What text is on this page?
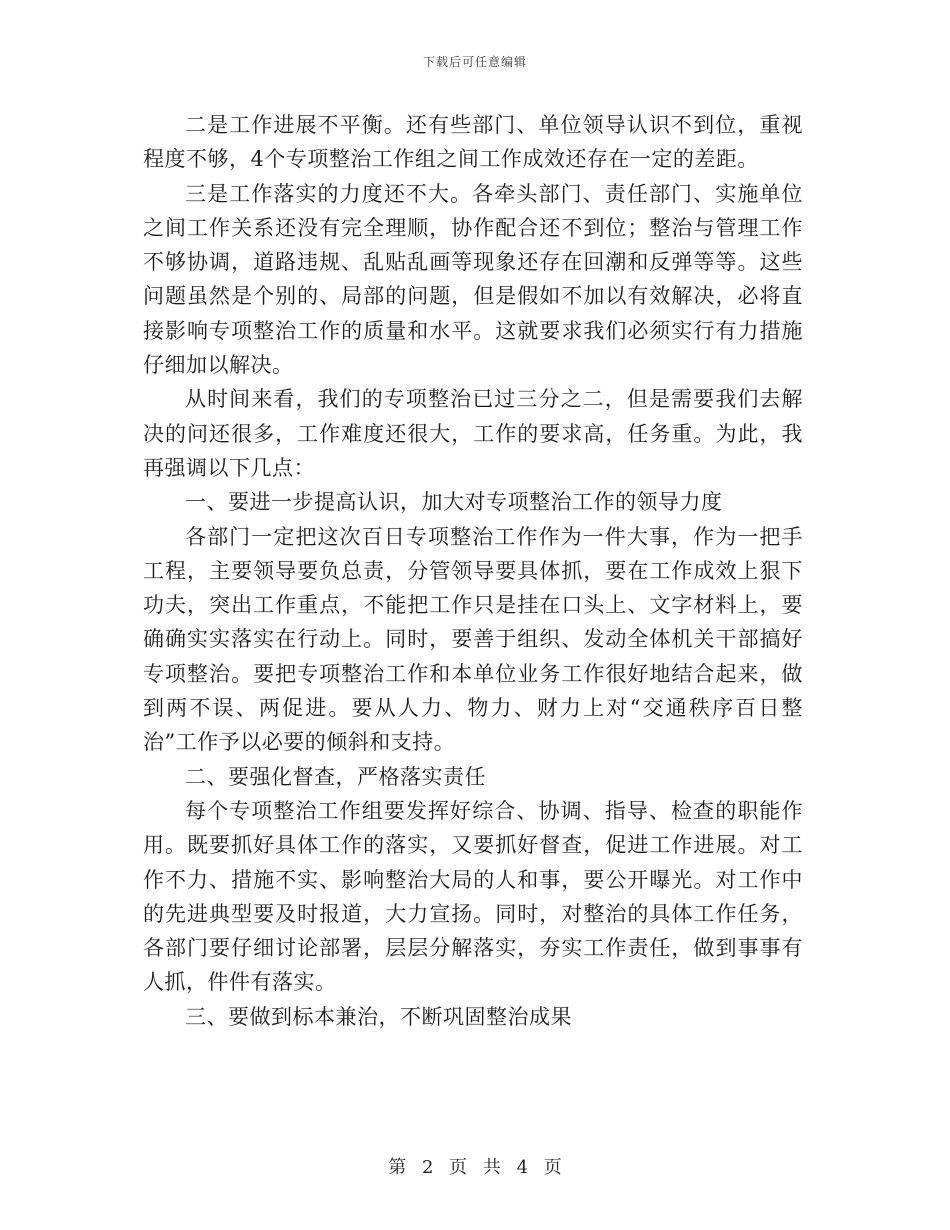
下载后可任意编辑

二是工作进展不平衡。还有些部门、单位领导认识不到位，重视程度不够，4个专项整治工作组之间工作成效还存在一定的差距。

三是工作落实的力度还不大。各牵头部门、责任部门、实施单位之间工作关系还没有完全理顺，协作配合还不到位；整治与管理工作不够协调，道路违规、乱贴乱画等现象还存在回潮和反弹等等。这些问题虽然是个别的、局部的问题，但是假如不加以有效解决，必将直接影响专项整治工作的质量和水平。这就要求我们必须实行有力措施仔细加以解决。

从时间来看，我们的专项整治已过三分之二，但是需要我们去解决的问还很多，工作难度还很大，工作的要求高，任务重。为此，我再强调以下几点：

一、要进一步提高认识，加大对专项整治工作的领导力度

各部门一定把这次百日专项整治工作作为一件大事，作为一把手工程，主要领导要负总责，分管领导要具体抓，要在工作成效上狠下功夫，突出工作重点，不能把工作只是挂在口头上、文字材料上，要确确实实落实在行动上。同时，要善于组织、发动全体机关干部搞好专项整治。要把专项整治工作和本单位业务工作很好地结合起来，做到两不误、两促进。要从人力、物力、财力上对“交通秩序百日整治”工作予以必要的倾斜和支持。

二、要强化督查，严格落实责任

每个专项整治工作组要发挥好综合、协调、指导、检查的职能作用。既要抓好具体工作的落实，又要抓好督查，促进工作进展。对工作不力、措施不实、影响整治大局的人和事，要公开曝光。对工作中的先进典型要及时报道，大力宣扬。同时，对整治的具体工作任务，各部门要仔细讨论部署，层层分解落实，夯实工作责任，做到事事有人抓，件件有落实。

三、要做到标本兼治，不断巩固整治成果

第 2 页 共 4 页
